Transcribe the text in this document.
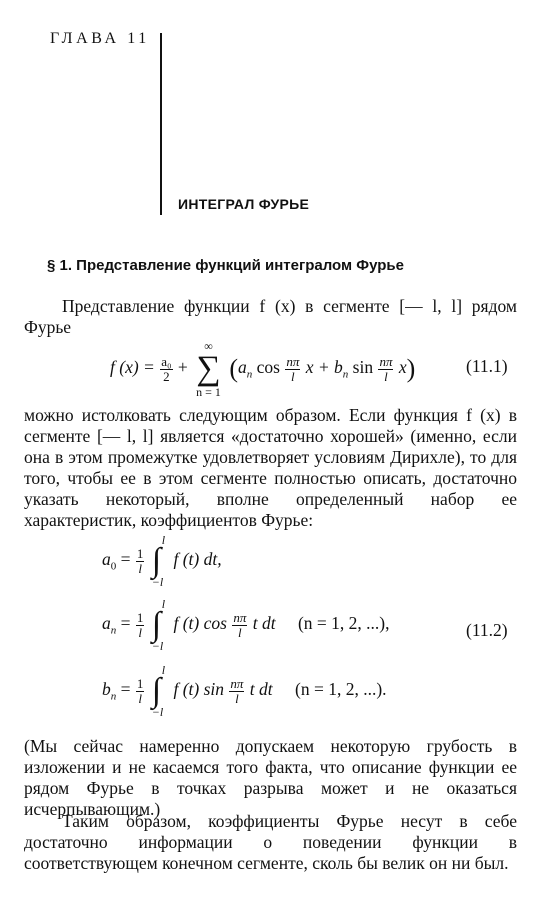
ГЛАВА 11
ИНТЕГРАЛ ФУРЬЕ
§ 1. Представление функций интегралом Фурье
Представление функции f (x) в сегменте [— l, l] рядом Фурье
f $(x) = \frac{\text{a₀}}{2}$ +
∞
∑
n = 1
($a_n$ $\cos \frac{n\pi}{l}$ $x + b_n$ $\sin \frac{n\pi}{l} x$)	(11.1)
можно истолковать следующим образом. Если функция f (x) в сегменте [— l, l] является «достаточно хорошей» (именно, если она в этом промежутке удовлетворяет условиям Дирихле), то для того, чтобы ее в этом сегменте полностью описать, достаточно указать некоторый, вполне определенный набор ее характеристик, коэффициентов Фурье:
$a_0 = \frac{1}{l}$

l
∫
−l
f (t) dt,
$a_n = \frac{1}{l}$

l
∫
−l
f (t) $\cos \frac{n\pi}{l}$ t dt (n = 1, 2, ...),	(11.2)
$b_n = \frac{1}{l}$

l
∫
−l
f (t) $\sin \frac{n\pi}{l}$ t dt (n = 1, 2, ...).
(Мы сейчас намеренно допускаем некоторую грубость в изложении и не касаемся того факта, что описание функции ее рядом Фурье в точках разрыва может и не оказаться исчерпывающим.)
Таким образом, коэффициенты Фурье несут в себе достаточно информации о поведении функции в соответствующем конечном сегменте, сколь бы велик он ни был.
